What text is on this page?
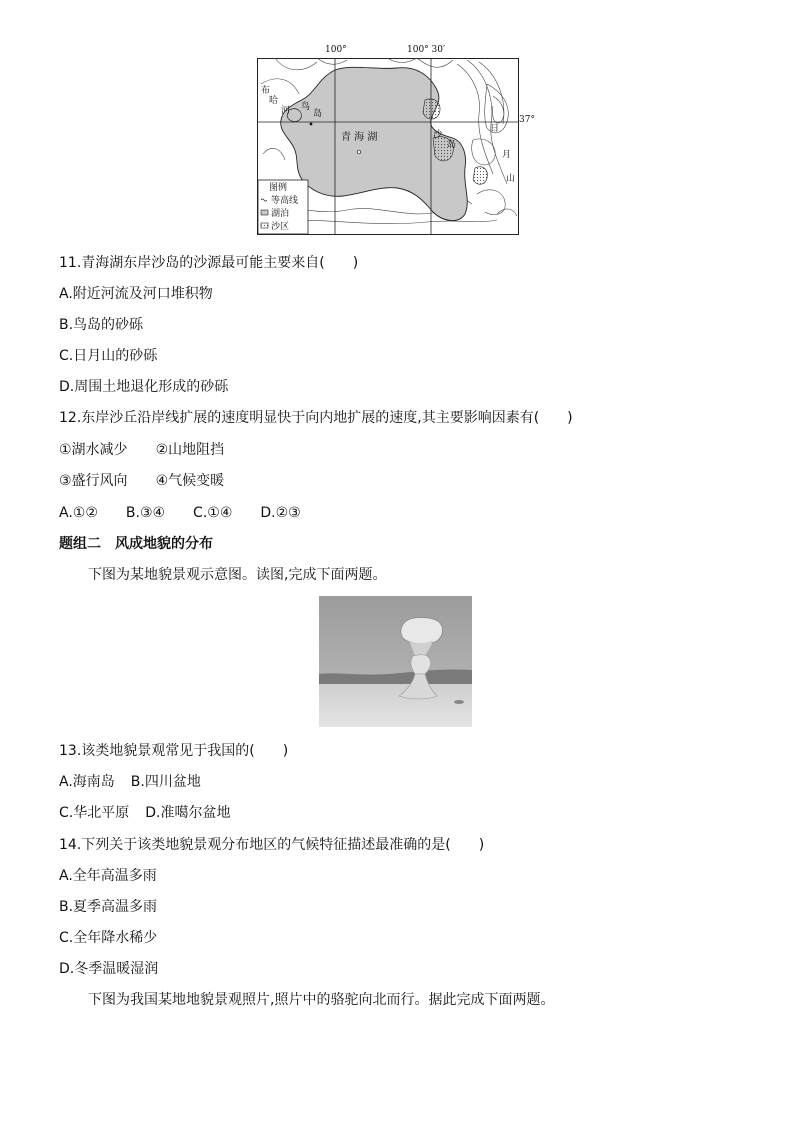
100°	100° 30′
37°
青 海 湖
布
哈
河 鸟
岛
沙
岛
日
月
山
图例
等高线
湖泊
沙区
11.青海湖东岸沙岛的沙源最可能主要来自(　　)
A.附近河流及河口堆积物
B.鸟岛的砂砾
C.日月山的砂砾
D.周围土地退化形成的砂砾
12.东岸沙丘沿岸线扩展的速度明显快于向内地扩展的速度,其主要影响因素有(　　)
①湖水减少 ②山地阻挡
③盛行风向 ④气候变暖
A.①② B.③④ C.①④ D.②③
题组二　风成地貌的分布
下图为某地貌景观示意图。读图,完成下面两题。
13.该类地貌景观常见于我国的(　　)
A.海南岛 B.四川盆地
C.华北平原 D.准噶尔盆地
14.下列关于该类地貌景观分布地区的气候特征描述最准确的是(　　)
A.全年高温多雨
B.夏季高温多雨
C.全年降水稀少
D.冬季温暖湿润
下图为我国某地地貌景观照片,照片中的骆驼向北而行。据此完成下面两题。
